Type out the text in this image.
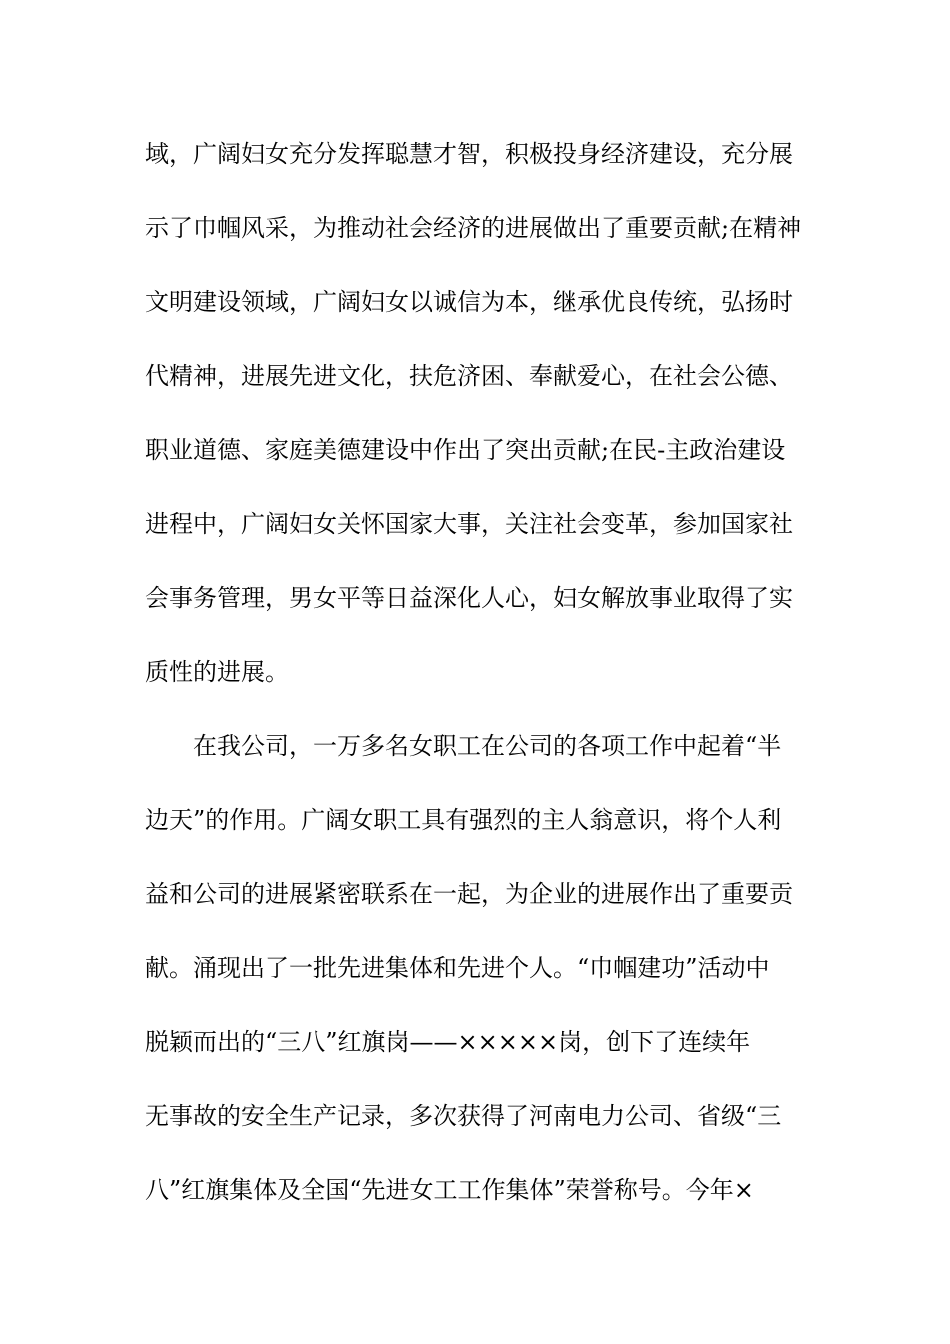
域，广阔妇女充分发挥聪慧才智，积极投身经济建设，充分展
示了巾帼风采，为推动社会经济的进展做出了重要贡献;在精神
文明建设领域，广阔妇女以诚信为本，继承优良传统，弘扬时
代精神，进展先进文化，扶危济困、奉献爱心，在社会公德、
职业道德、家庭美德建设中作出了突出贡献;在民-主政治建设
进程中，广阔妇女关怀国家大事，关注社会变革，参加国家社
会事务管理，男女平等日益深化人心，妇女解放事业取得了实
质性的进展。
在我公司，一万多名女职工在公司的各项工作中起着“半
边天”的作用。广阔女职工具有强烈的主人翁意识，将个人利
益和公司的进展紧密联系在一起，为企业的进展作出了重要贡
献。涌现出了一批先进集体和先进个人。“巾帼建功”活动中
脱颖而出的“三八”红旗岗——×××××岗，创下了连续年
无事故的安全生产记录，多次获得了河南电力公司、省级“三
八”红旗集体及全国“先进女工工作集体”荣誉称号。今年×
